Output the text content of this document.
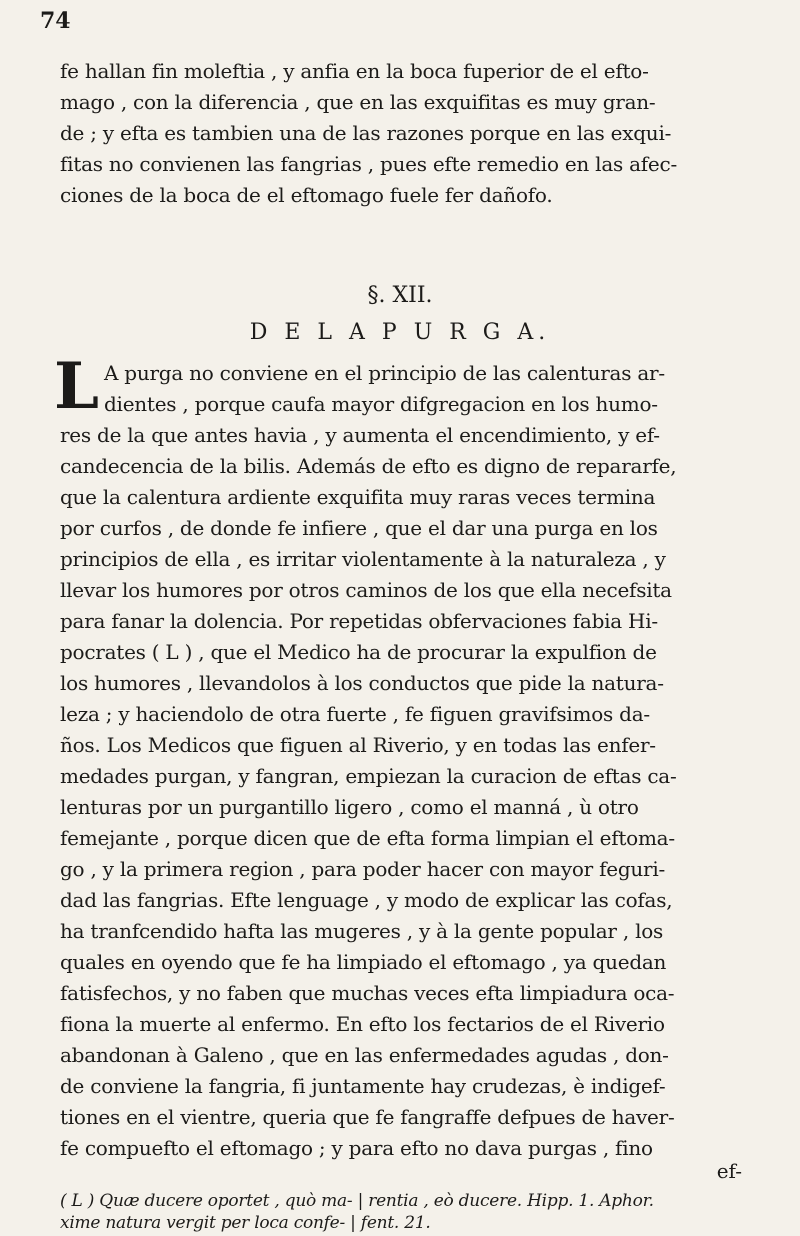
74
fe hallan fin moleftia , y anfia en la boca fuperior de el efto-
mago , con la diferencia , que en las exquifitas es muy gran-
de ; y efta es tambien una de las razones porque en las exqui-
fitas no convienen las fangrias , pues efte remedio en las afec-
ciones de la boca de el eftomago fuele fer dañofo.
§. XII.
D E L A P U R G A.
L A purga no conviene en el principio de las calenturas ar-
dientes , porque caufa mayor difgregacion en los humo-
res de la que antes havia , y aumenta el encendimiento, y ef-
candecencia de la bilis. Además de efto es digno de repararfe,
que la calentura ardiente exquifita muy raras veces termina
por curfos , de donde fe infiere , que el dar una purga en los
principios de ella , es irritar violentamente à la naturaleza , y
llevar los humores por otros caminos de los que ella necefsita
para fanar la dolencia. Por repetidas obfervaciones fabia Hi-
pocrates ( L ) , que el Medico ha de procurar la expulfion de
los humores , llevandolos à los conductos que pide la natura-
leza ; y haciendolo de otra fuerte , fe figuen gravifsimos da-
ños. Los Medicos que figuen al Riverio, y en todas las enfer-
medades purgan, y fangran, empiezan la curacion de eftas ca-
lenturas por un purgantillo ligero , como el manná , ù otro
femejante , porque dicen que de efta forma limpian el eftoma-
go , y la primera region , para poder hacer con mayor feguri-
dad las fangrias. Efte lenguage , y modo de explicar las cofas,
ha tranfcendido hafta las mugeres , y à la gente popular , los
quales en oyendo que fe ha limpiado el eftomago , ya quedan
fatisfechos, y no faben que muchas veces efta limpiadura oca-
fiona la muerte al enfermo. En efto los fectarios de el Riverio
abandonan à Galeno , que en las enfermedades agudas , don-
de conviene la fangria, fi juntamente hay crudezas, è indigef-
tiones en el vientre, queria que fe fangraffe defpues de haver-
fe compuefto el eftomago ; y para efto no dava purgas , fino
ef-
( L ) Quæ ducere oportet , quò ma- | rentia , eò ducere. Hipp. 1. Aphor.
xime natura vergit per loca confe- | fent. 21.
